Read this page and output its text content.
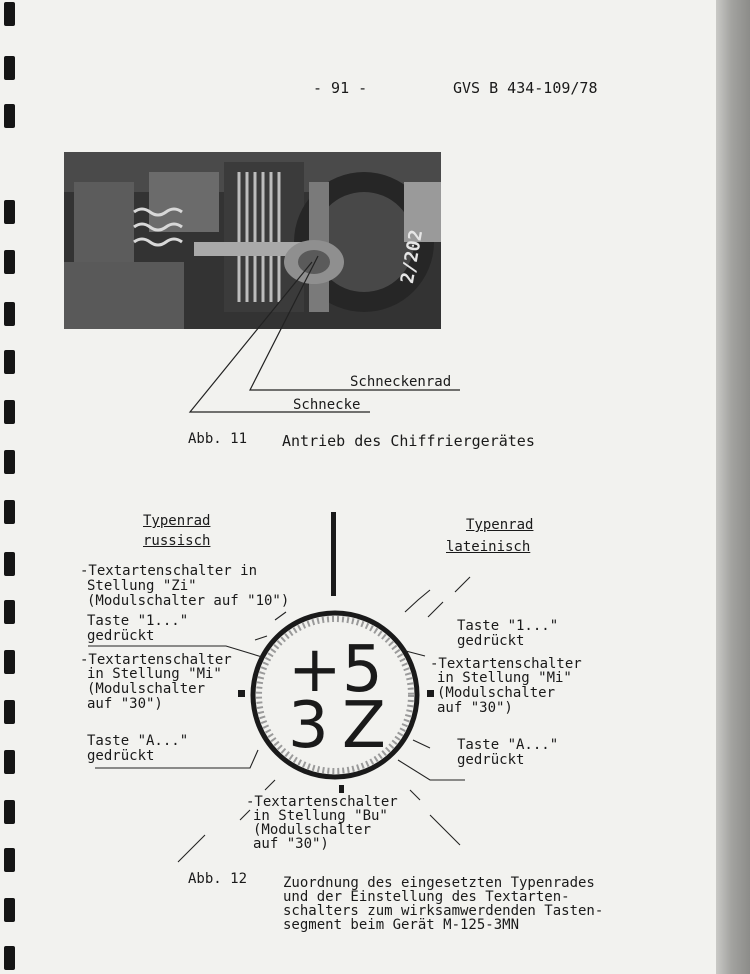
- 91 -	GVS B 434-109/78
2/202
Schneckenrad
Schnecke
Abb. 11 Antrieb des Chiffriergerätes
Typenrad
russisch
Typenrad
lateinisch
+ 5
3 Z
-Textartenschalter in
Stellung "Zi"
(Modulschalter auf "10")
Taste "1..."
gedrückt
-Textartenschalter
in Stellung "Mi"
(Modulschalter
auf "30")
Taste "A..."
gedrückt
Taste "1..."
gedrückt
-Textartenschalter
in Stellung "Mi"
(Modulschalter
auf "30")
Taste "A..."
gedrückt
-Textartenschalter
in Stellung "Bu"
(Modulschalter
auf "30")
Abb. 12	Zuordnung des eingesetzten Typenrades
und der Einstellung des Textarten-
schalters zum wirksamwerdenden Tasten-
segment beim Gerät M-125-3MN
